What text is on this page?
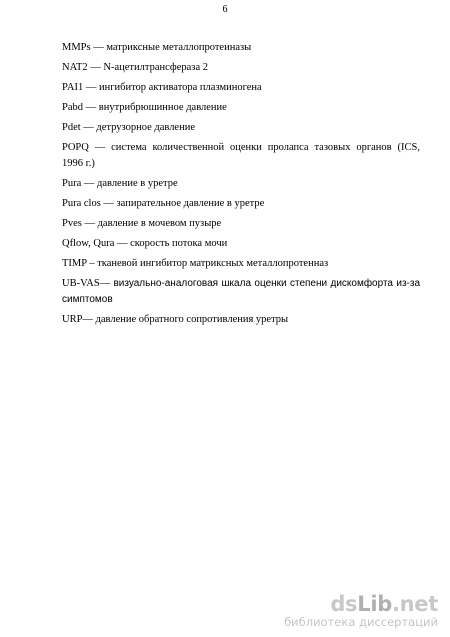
6
MMPs — матриксные металлопротеиназы
NAT2 — N-ацетилтрансфераза 2
PAI1 — ингибитор активатора плазминогена
Pabd — внутрибрюшинное давление
Pdet — детрузорное давление
POPQ — система количественной оценки пролапса тазовых органов (ICS,
1996 г.)
Pura — давление в уретре
Pura clos — запирательное давление в уретре
Pves — давление в мочевом пузыре
Qflow, Qura — скорость потока мочи
TIMP – тканевой ингибитор матриксных металлопротенназ
UB-VAS— визуально-аналоговая шкала оценки степени дискомфорта из-за
симптомов
URP— давление обратного сопротивления уретры
dsLib.net
библиотека диссертаций
